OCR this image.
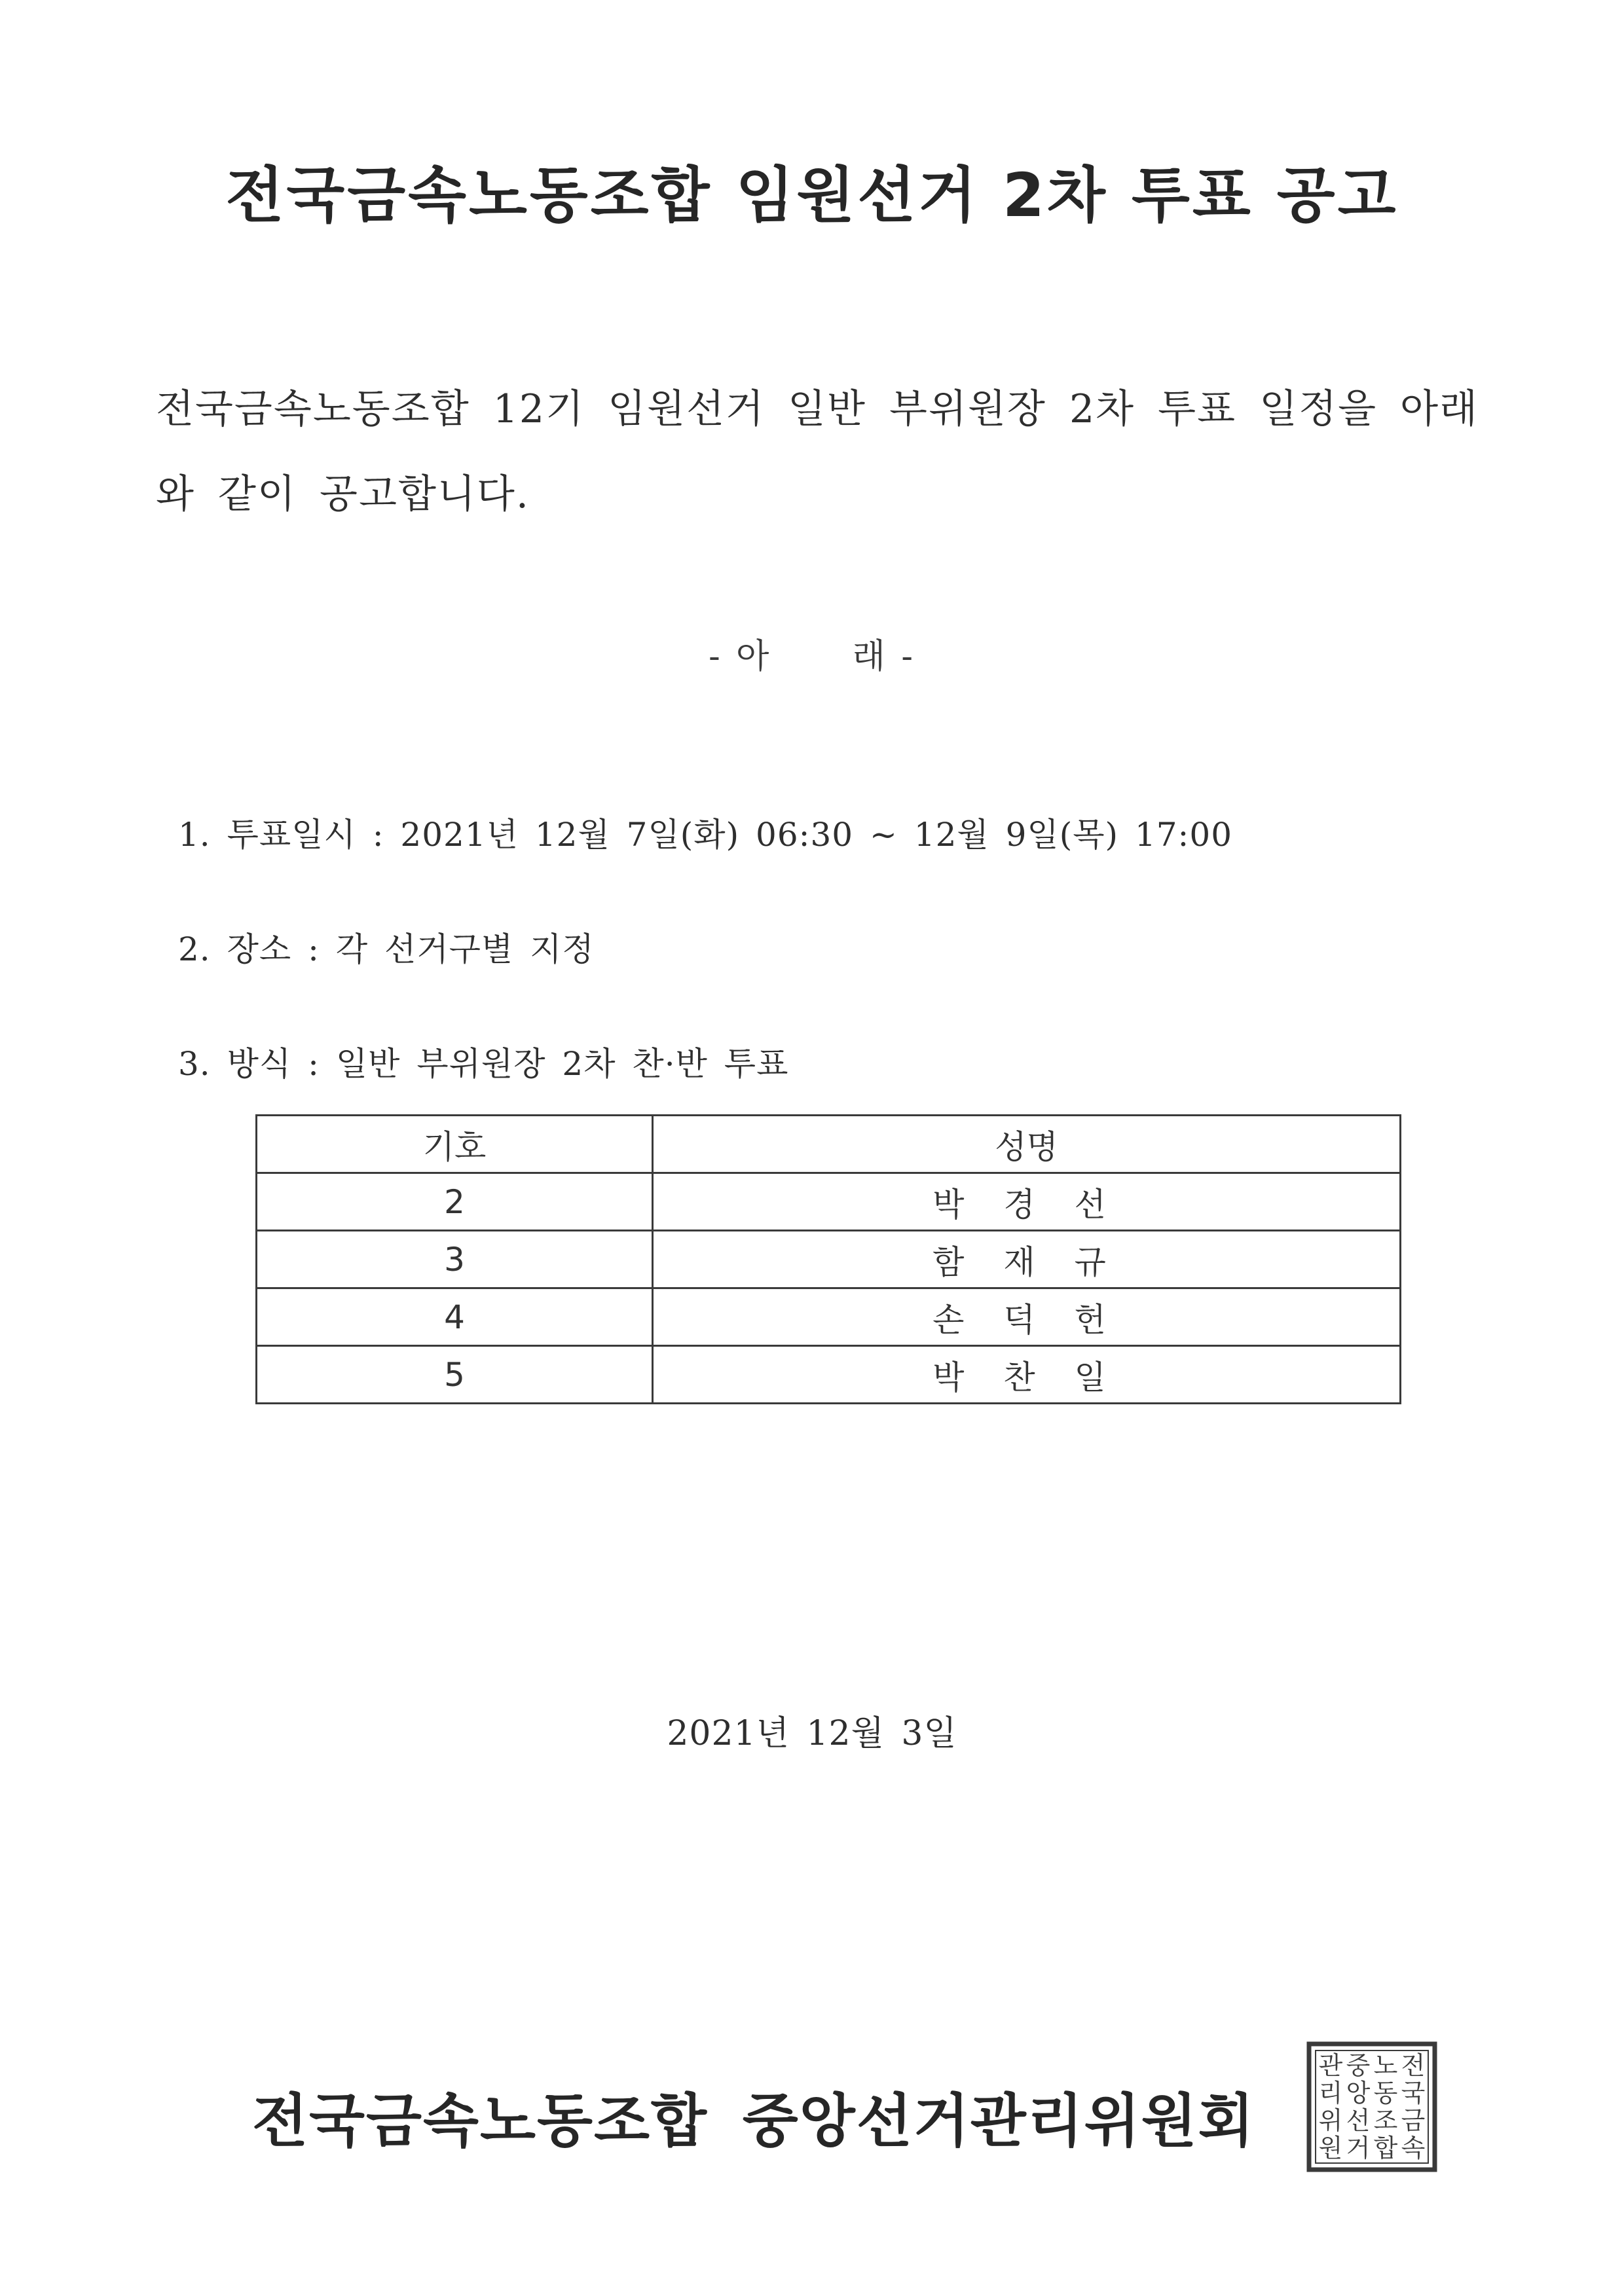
전국금속노동조합 임원선거 2차 투표 공고
전국금속노동조합 12기 임원선거 일반 부위원장 2차 투표 일정을 아래와 같이 공고합니다.
- 아      래 -
1. 투표일시 : 2021년 12월 7일(화) 06:30 ~ 12월 9일(목) 17:00
2. 장소 : 각 선거구별 지정
3. 방식 : 일반 부위원장 2차 찬·반 투표
기호	성명
2	박 경 선
3	함 재 규
4	손 덕 헌
5	박 찬 일
2021년 12월 3일
전국금속노동조합 중앙선거관리위원회
전
국
금
속
노
동
조
합
중
앙
선
거
관
리
위
원
